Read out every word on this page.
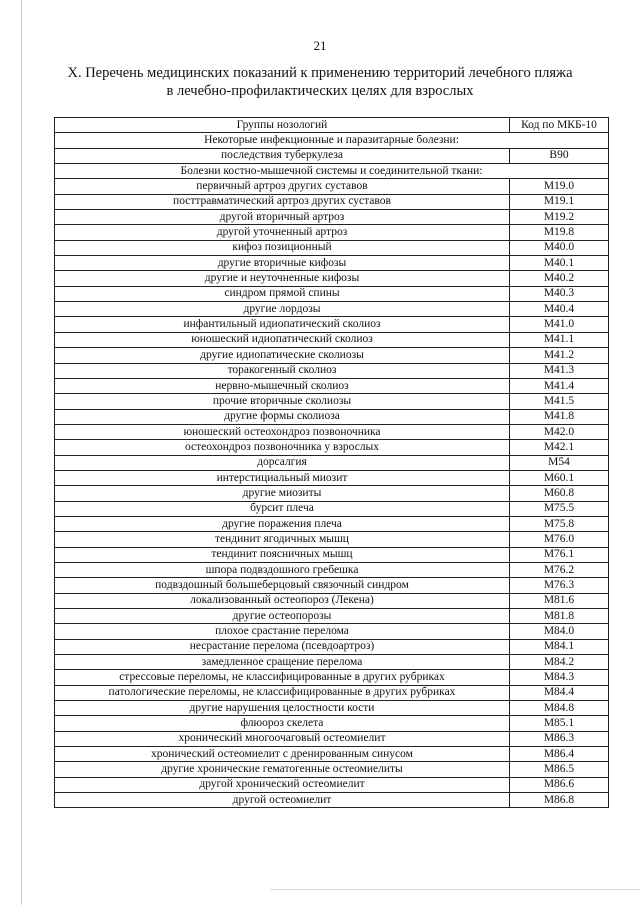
21
X. Перечень медицинских показаний к применению территорий лечебного пляжа
в лечебно-профилактических целях для взрослых
Группы нозологий	Код по МКБ-10
Некоторые инфекционные и паразитарные болезни:	
последствия туберкулеза	B90
Болезни костно-мышечной системы и соединительной ткани:	
первичный артроз других суставов	M19.0
посттравматический артроз других суставов	M19.1
другой вторичный артроз	M19.2
другой уточненный артроз	M19.8
кифоз позиционный	M40.0
другие вторичные кифозы	M40.1
другие и неуточненные кифозы	M40.2
синдром прямой спины	M40.3
другие лордозы	M40.4
инфантильный идиопатический сколиоз	M41.0
юношеский идиопатический сколиоз	M41.1
другие идиопатические сколиозы	M41.2
торакогенный сколиоз	M41.3
нервно-мышечный сколиоз	M41.4
прочие вторичные сколиозы	M41.5
другие формы сколиоза	M41.8
юношеский остеохондроз позвоночника	M42.0
остеохондроз позвоночника у взрослых	M42.1
дорсалгия	M54
интерстициальный миозит	M60.1
другие миозиты	M60.8
бурсит плеча	M75.5
другие поражения плеча	M75.8
тендинит ягодичных мышц	M76.0
тендинит поясничных мышц	M76.1
шпора подвздошного гребешка	M76.2
подвздошный большеберцовый связочный синдром	M76.3
локализованный остеопороз (Лекена)	M81.6
другие остеопорозы	M81.8
плохое срастание перелома	M84.0
несрастание перелома (псевдоартроз)	M84.1
замедленное сращение перелома	M84.2
стрессовые переломы, не классифицированные в других рубриках	M84.3
патологические переломы, не классифицированные в других рубриках	M84.4
другие нарушения целостности кости	M84.8
флюороз скелета	M85.1
хронический многоочаговый остеомиелит	M86.3
хронический остеомиелит с дренированным синусом	M86.4
другие хронические гематогенные остеомиелиты	M86.5
другой хронический остеомиелит	M86.6
другой остеомиелит	M86.8
